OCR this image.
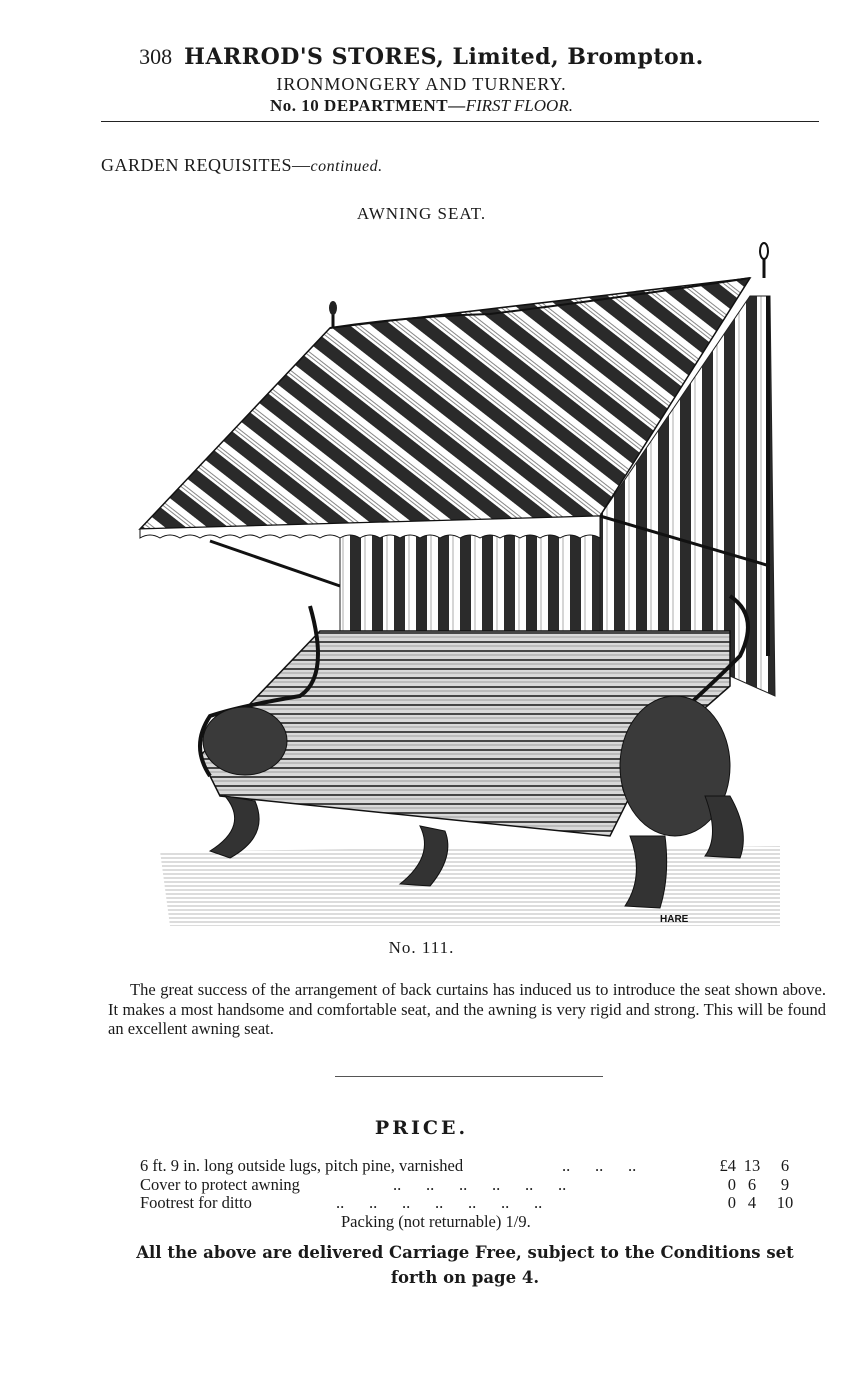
308 HARROD'S STORES, Limited, Brompton.
IRONMONGERY AND TURNERY.
No. 10 DEPARTMENT—FIRST FLOOR.
GARDEN REQUISITES—continued.
AWNING SEAT.
HARE
No. 111.
The great success of the arrangement of back curtains has induced us to introduce the seat shown above. It makes a most handsome and comfortable seat, and the awning is very rigid and strong. This will be found an excellent awning seat.
PRICE.
6 ft. 9 in. long outside lugs, pitch pine, varnished	..      ..      ..	£4 13	6
Cover to protect awning	..      ..      ..      ..      ..      ..	0 6	9
Footrest for ditto	..      ..      ..      ..      ..      ..      ..	0 4	10
Packing (not returnable) 1/9.
All the above are delivered Carriage Free, subject to the Conditions set
forth on page 4.
